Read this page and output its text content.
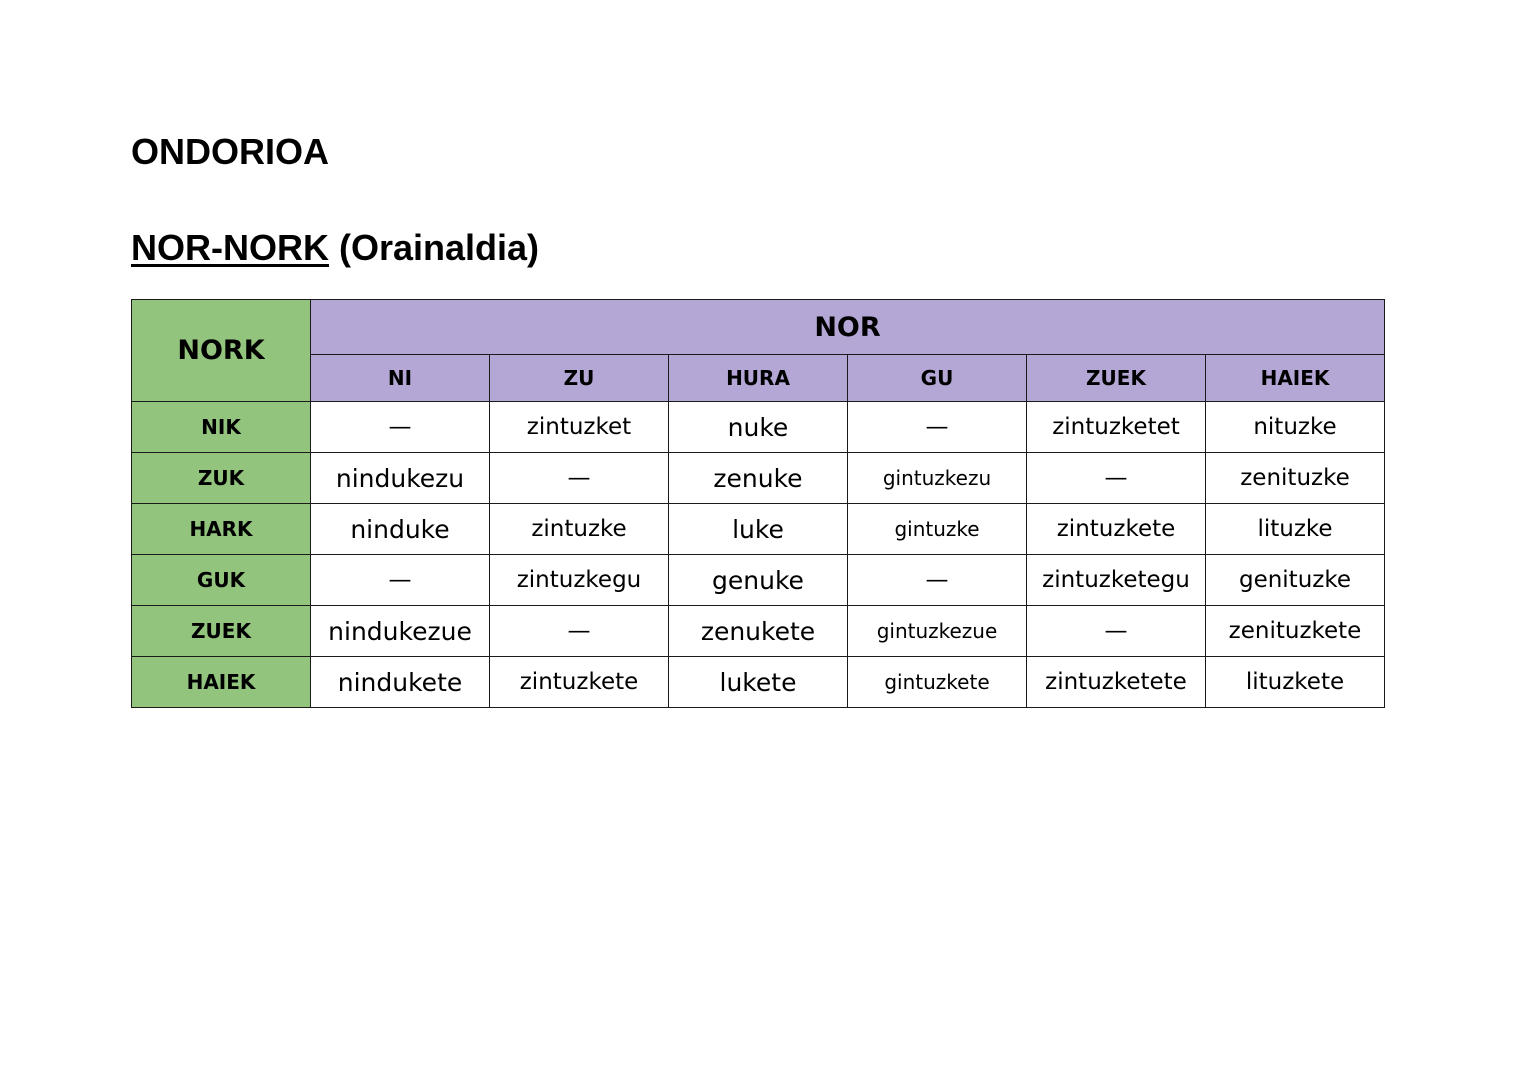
ONDORIOA
NOR-NORK (Orainaldia)
NORK	NOR					
	NI	ZU	HURA	GU	ZUEK	HAIEK
NIK	—	zintuzket	nuke	—	zintuzketet	nituzke
ZUK	nindukezu	—	zenuke	gintuzkezu	—	zenituzke
HARK	ninduke	zintuzke	luke	gintuzke	zintuzkete	lituzke
GUK	—	zintuzkegu	genuke	—	zintuzketegu	genituzke
ZUEK	nindukezue	—	zenukete	gintuzkezue	—	zenituzkete
HAIEK	nindukete	zintuzkete	lukete	gintuzkete	zintuzketete	lituzkete
